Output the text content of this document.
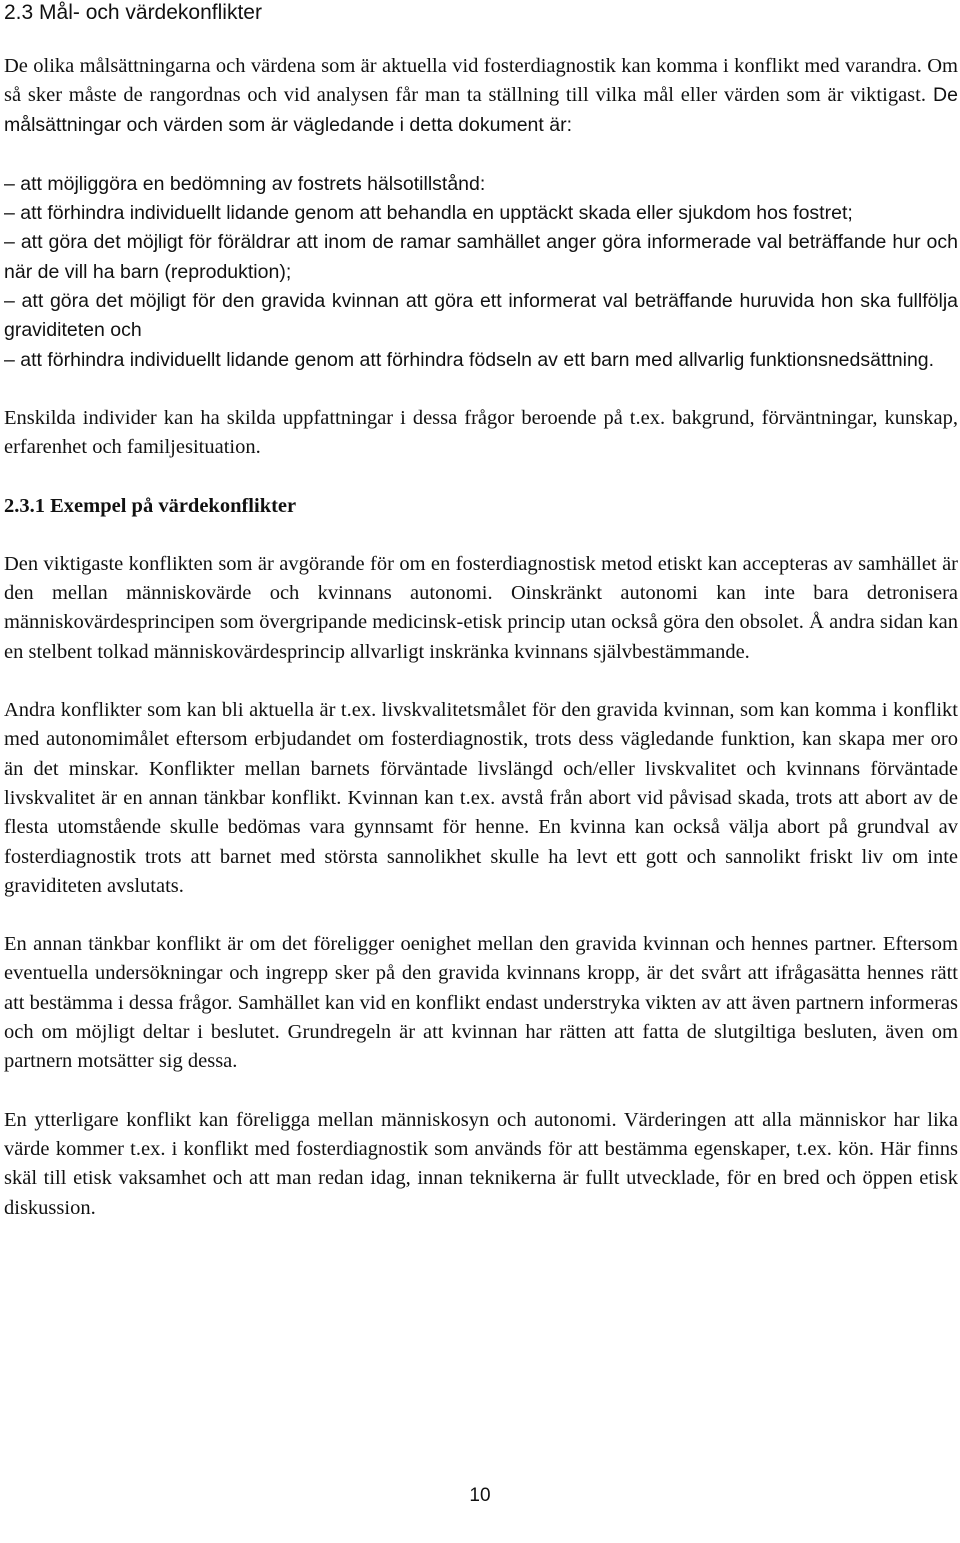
2.3 Mål- och värdekonflikter

De olika målsättningarna och värdena som är aktuella vid fosterdiagnostik kan komma i konflikt med varandra. Om så sker måste de rangordnas och vid analysen får man ta ställning till vilka mål eller värden som är viktigast. De målsättningar och värden som är vägledande i detta dokument är:

– att möjliggöra en bedömning av fostrets hälsotillstånd:

– att förhindra individuellt lidande genom att behandla en upptäckt skada eller sjukdom hos fostret;

– att göra det möjligt för föräldrar att inom de ramar samhället anger göra informerade val beträffande hur och när de vill ha barn (reproduktion);

– att göra det möjligt för den gravida kvinnan att göra ett informerat val beträffande huruvida hon ska fullfölja graviditeten och

– att förhindra individuellt lidande genom att förhindra födseln av ett barn med allvarlig funktionsnedsättning.

Enskilda individer kan ha skilda uppfattningar i dessa frågor beroende på t.ex. bakgrund, förväntningar, kunskap, erfarenhet och familjesituation.

2.3.1 Exempel på värdekonflikter

Den viktigaste konflikten som är avgörande för om en fosterdiagnostisk metod etiskt kan accepteras av samhället är den mellan människovärde och kvinnans autonomi. Oinskränkt autonomi kan inte bara detronisera människovärdesprincipen som övergripande medicinsk-etisk princip utan också göra den obsolet. Å andra sidan kan en stelbent tolkad människovärdesprincip allvarligt inskränka kvinnans självbestämmande.

Andra konflikter som kan bli aktuella är t.ex. livskvalitetsmålet för den gravida kvinnan, som kan komma i konflikt med autonomimålet eftersom erbjudandet om fosterdiagnostik, trots dess vägledande funktion, kan skapa mer oro än det minskar. Konflikter mellan barnets förväntade livslängd och/eller livskvalitet och kvinnans förväntade livskvalitet är en annan tänkbar konflikt. Kvinnan kan t.ex. avstå från abort vid påvisad skada, trots att abort av de flesta utomstående skulle bedömas vara gynnsamt för henne. En kvinna kan också välja abort på grundval av fosterdiagnostik trots att barnet med största sannolikhet skulle ha levt ett gott och sannolikt friskt liv om inte graviditeten avslutats.

En annan tänkbar konflikt är om det föreligger oenighet mellan den gravida kvinnan och hennes partner. Eftersom eventuella undersökningar och ingrepp sker på den gravida kvinnans kropp, är det svårt att ifrågasätta hennes rätt att bestämma i dessa frågor. Samhället kan vid en konflikt endast understryka vikten av att även partnern informeras och om möjligt deltar i beslutet. Grundregeln är att kvinnan har rätten att fatta de slutgiltiga besluten, även om partnern motsätter sig dessa.

En ytterligare konflikt kan föreligga mellan människosyn och autonomi. Värderingen att alla människor har lika värde kommer t.ex. i konflikt med fosterdiagnostik som används för att bestämma egenskaper, t.ex. kön. Här finns skäl till etisk vaksamhet och att man redan idag, innan teknikerna är fullt utvecklade, för en bred och öppen etisk diskussion.

10
